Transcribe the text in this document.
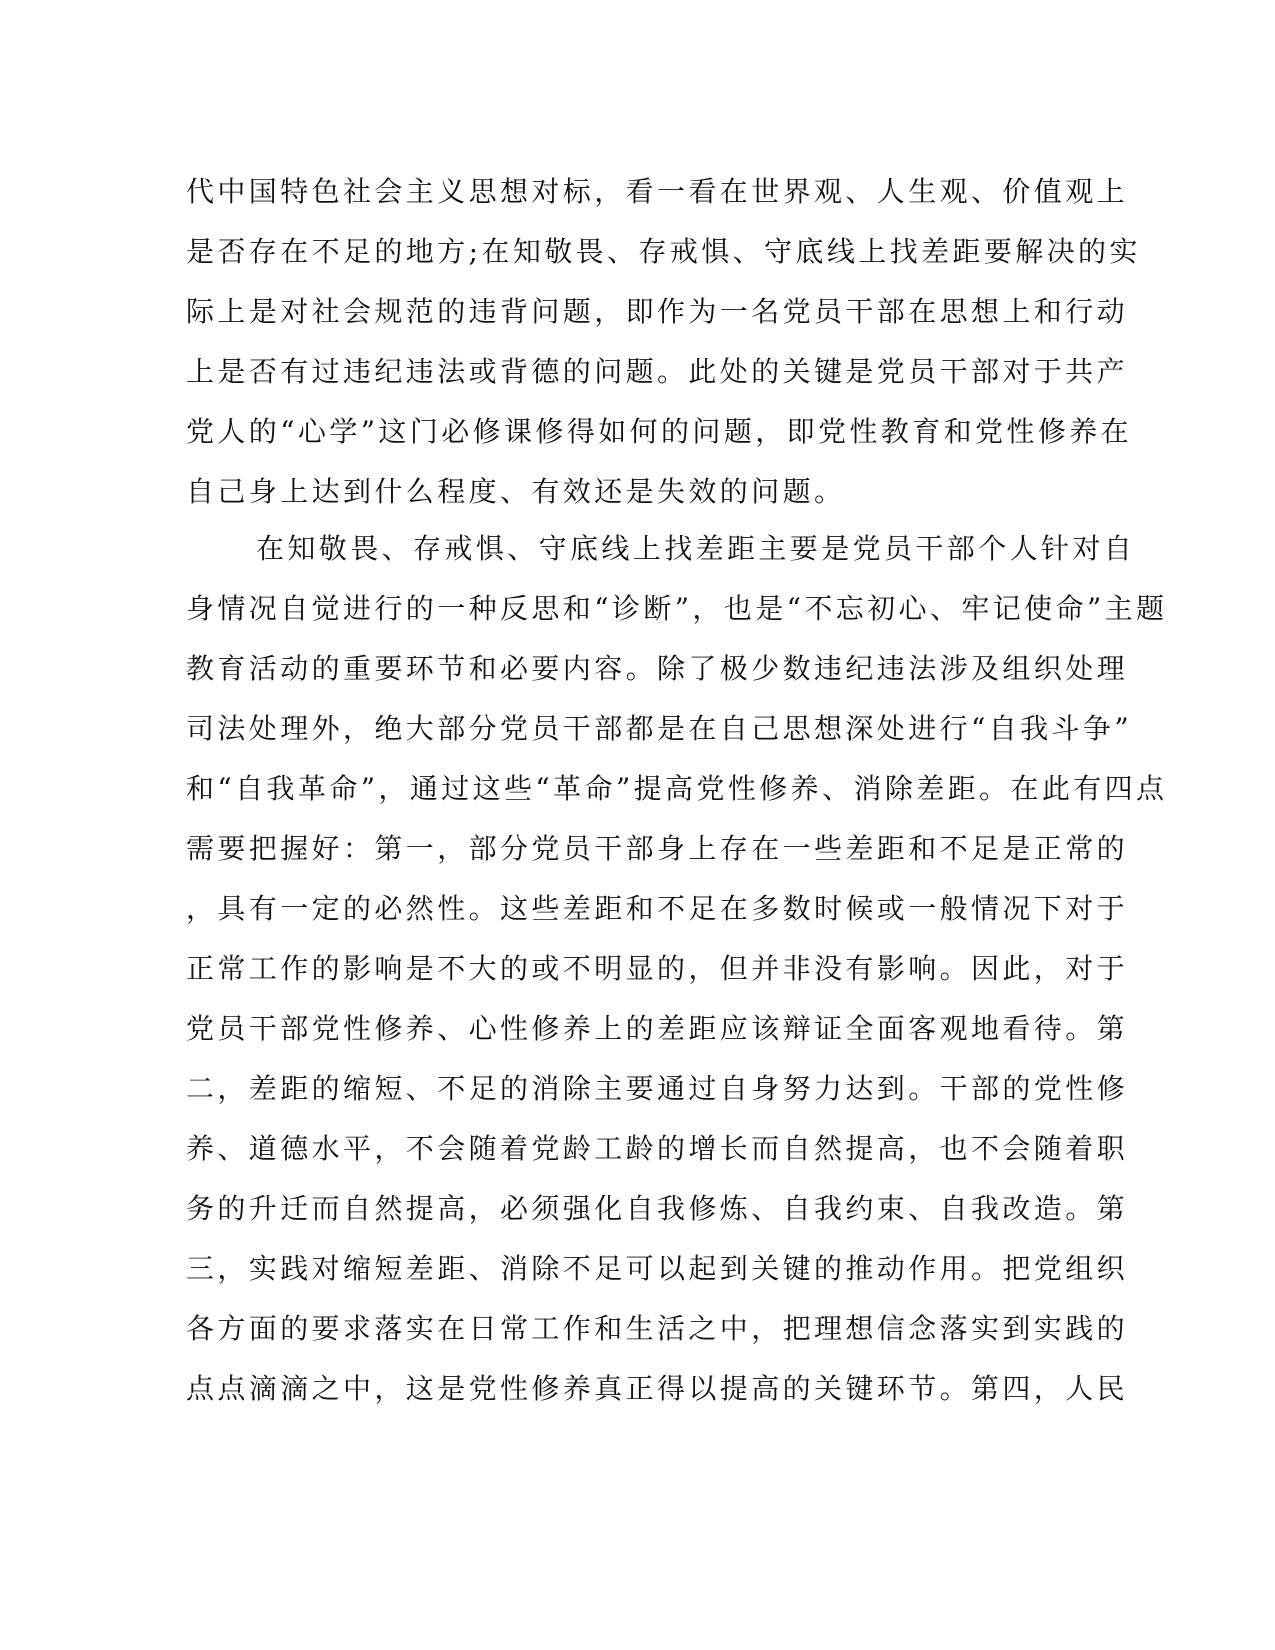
代中国特色社会主义思想对标，看一看在世界观、人生观、价值观上
是否存在不足的地方;在知敬畏、存戒惧、守底线上找差距要解决的实
际上是对社会规范的违背问题，即作为一名党员干部在思想上和行动
上是否有过违纪违法或背德的问题。此处的关键是党员干部对于共产
党人的“心学”这门必修课修得如何的问题，即党性教育和党性修养在
自己身上达到什么程度、有效还是失效的问题。
在知敬畏、存戒惧、守底线上找差距主要是党员干部个人针对自
身情况自觉进行的一种反思和“诊断”，也是“不忘初心、牢记使命”主题
教育活动的重要环节和必要内容。除了极少数违纪违法涉及组织处理
司法处理外，绝大部分党员干部都是在自己思想深处进行“自我斗争”
和“自我革命”，通过这些“革命”提高党性修养、消除差距。在此有四点
需要把握好：第一，部分党员干部身上存在一些差距和不足是正常的
，具有一定的必然性。这些差距和不足在多数时候或一般情况下对于
正常工作的影响是不大的或不明显的，但并非没有影响。因此，对于
党员干部党性修养、心性修养上的差距应该辩证全面客观地看待。第
二，差距的缩短、不足的消除主要通过自身努力达到。干部的党性修
养、道德水平，不会随着党龄工龄的增长而自然提高，也不会随着职
务的升迁而自然提高，必须强化自我修炼、自我约束、自我改造。第
三，实践对缩短差距、消除不足可以起到关键的推动作用。把党组织
各方面的要求落实在日常工作和生活之中，把理想信念落实到实践的
点点滴滴之中，这是党性修养真正得以提高的关键环节。第四，人民
